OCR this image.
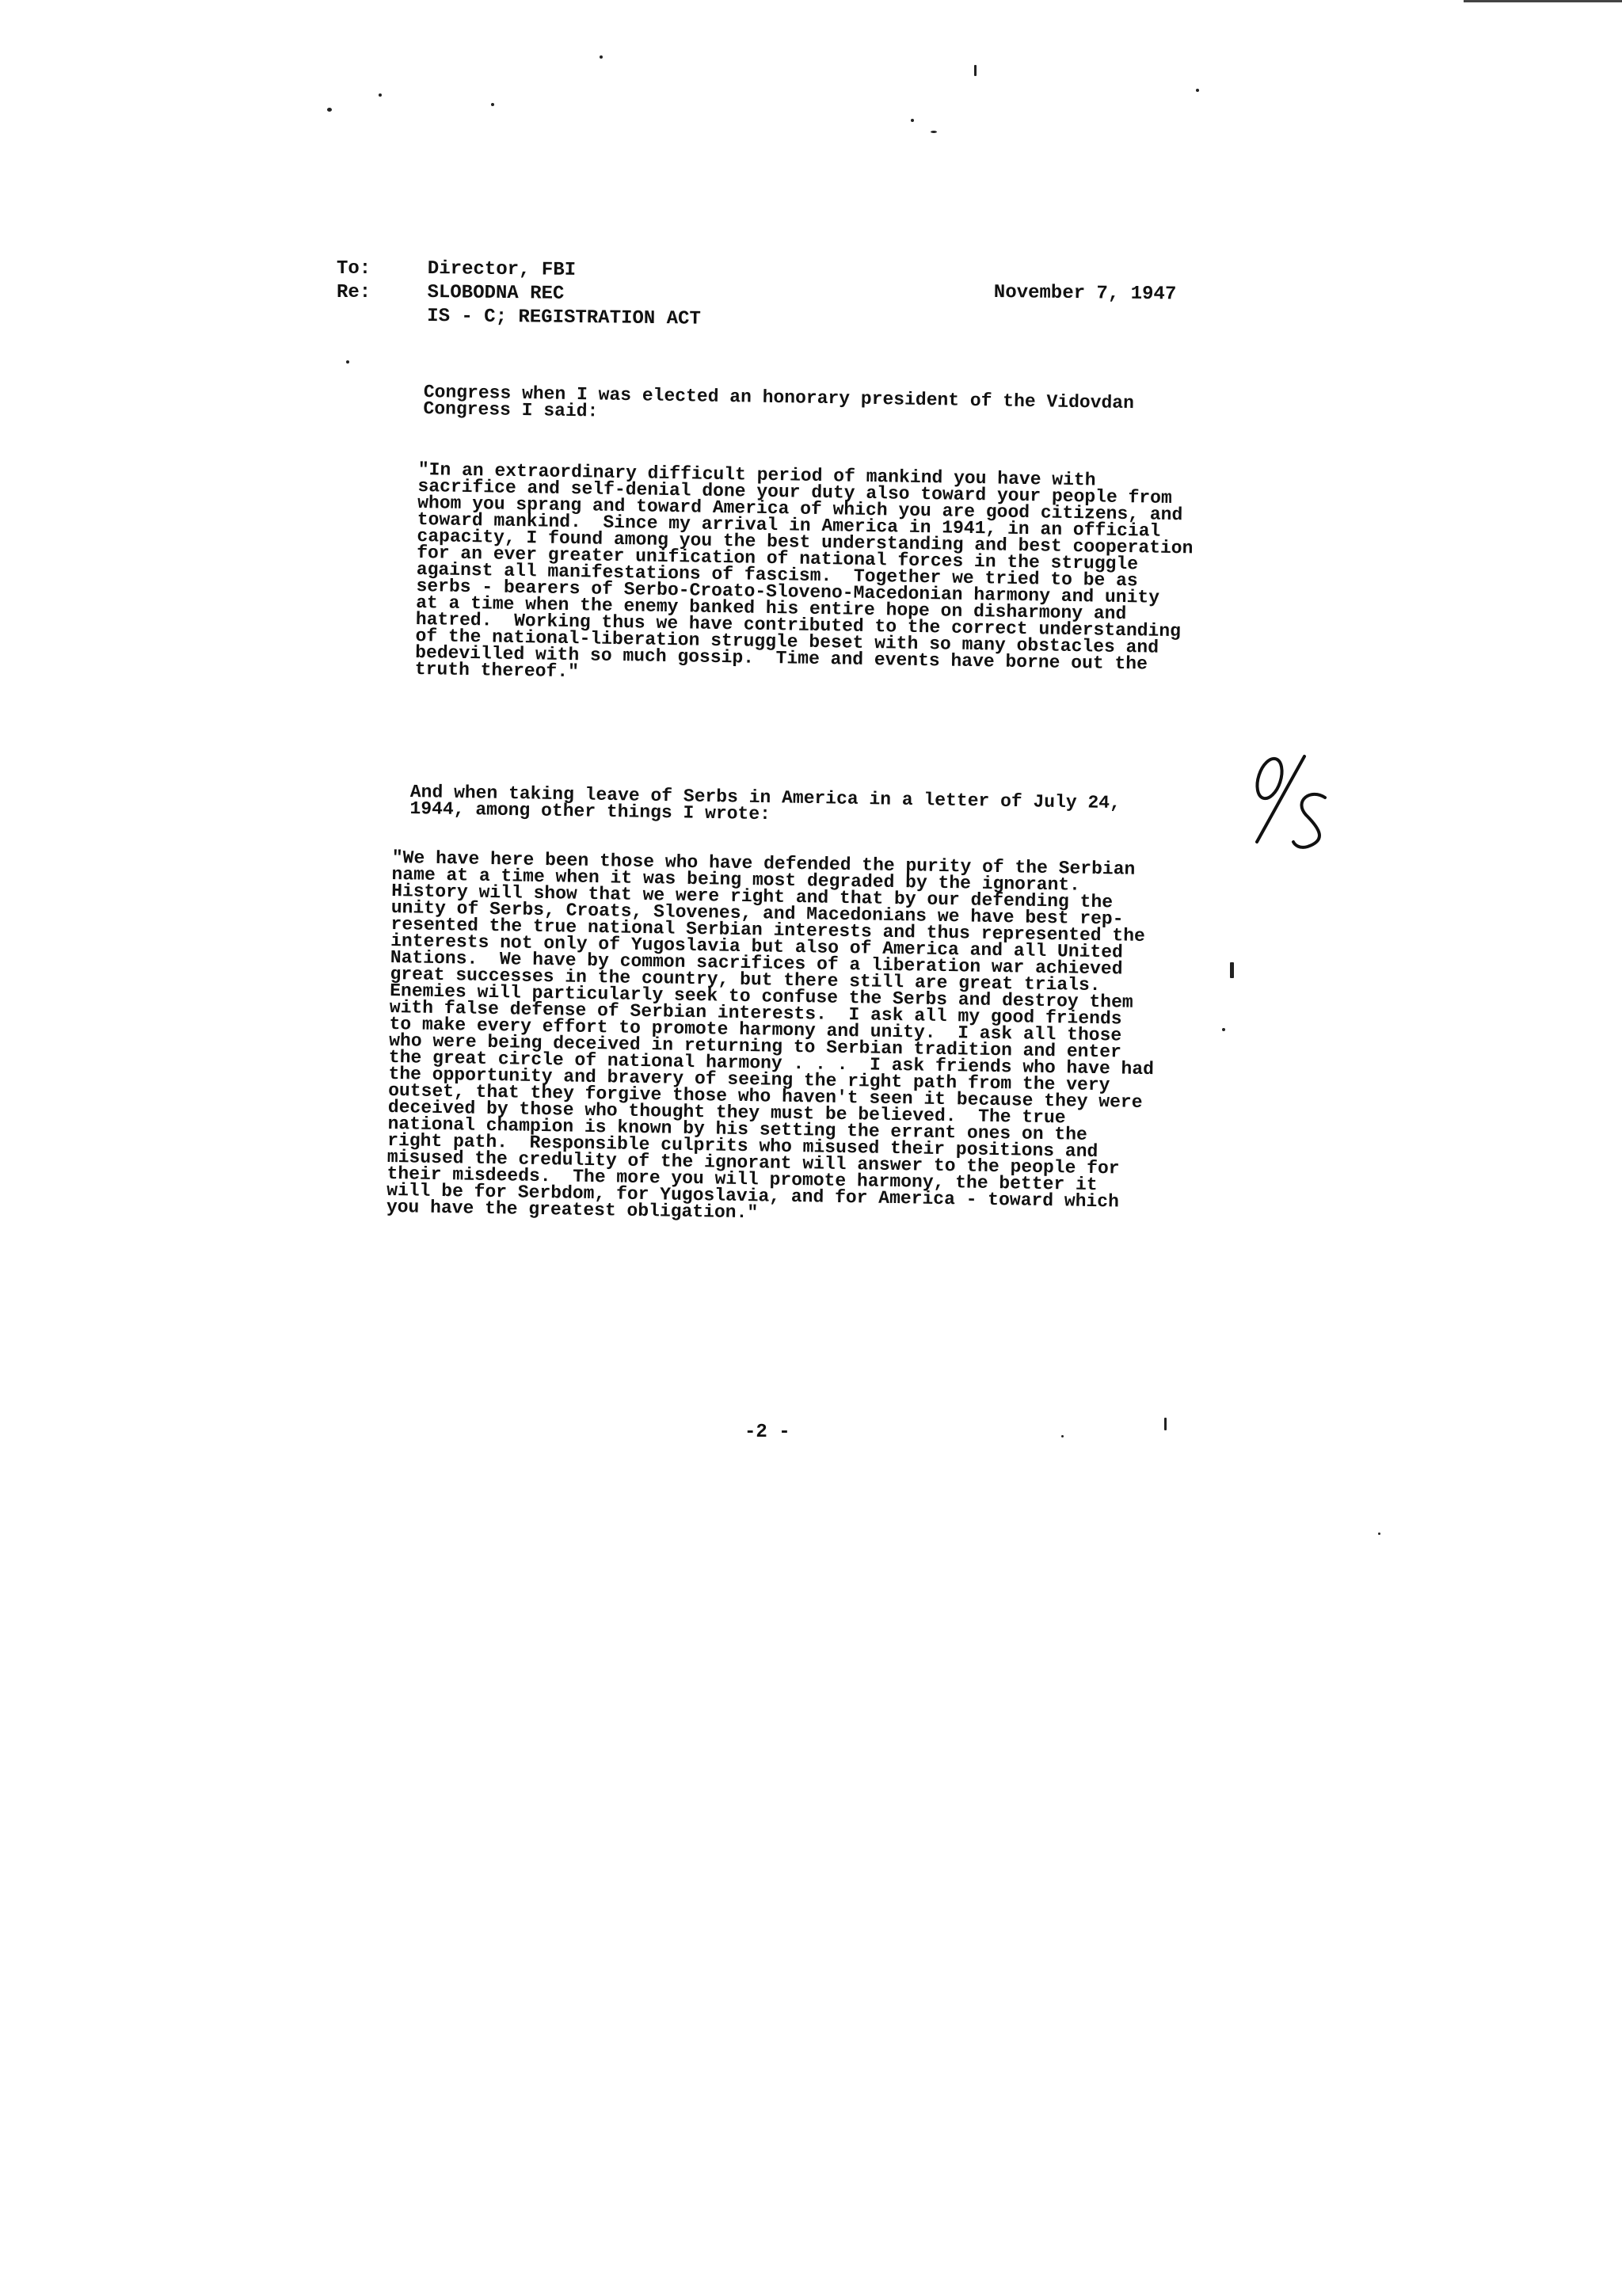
To:
Re:
Director, FBI
SLOBODNA REC
IS - C; REGISTRATION ACT
November 7, 1947
Congress when I was elected an honorary president of the Vidovdan
Congress I said:
"In an extraordinary difficult period of mankind you have with
sacrifice and self-denial done your duty also toward your people from
whom you sprang and toward America of which you are good citizens, and
toward mankind.  Since my arrival in America in 1941, in an official
capacity, I found among you the best understanding and best cooperation
for an ever greater unification of national forces in the struggle
against all manifestations of fascism.  Together we tried to be as
serbs - bearers of Serbo-Croato-Sloveno-Macedonian harmony and unity
at a time when the enemy banked his entire hope on disharmony and
hatred.  Working thus we have contributed to the correct understanding
of the national-liberation struggle beset with so many obstacles and
bedevilled with so much gossip.  Time and events have borne out the
truth thereof."
And when taking leave of Serbs in America in a letter of July 24,
1944, among other things I wrote:
"We have here been those who have defended the purity of the Serbian
name at a time when it was being most degraded by the ignorant.
History will show that we were right and that by our defending the
unity of Serbs, Croats, Slovenes, and Macedonians we have best rep-
resented the true national Serbian interests and thus represented the
interests not only of Yugoslavia but also of America and all United
Nations.  We have by common sacrifices of a liberation war achieved
great successes in the country, but there still are great trials.
Enemies will particularly seek to confuse the Serbs and destroy them
with false defense of Serbian interests.  I ask all my good friends
to make every effort to promote harmony and unity.  I ask all those
who were being deceived in returning to Serbian tradition and enter
the great circle of national harmony . . .  I ask friends who have had
the opportunity and bravery of seeing the right path from the very
outset, that they forgive those who haven't seen it because they were
deceived by those who thought they must be believed.  The true
national champion is known by his setting the errant ones on the
right path.  Responsible culprits who misused their positions and
misused the credulity of the ignorant will answer to the people for
their misdeeds.  The more you will promote harmony, the better it
will be for Serbdom, for Yugoslavia, and for America - toward which
you have the greatest obligation."
-2 -
